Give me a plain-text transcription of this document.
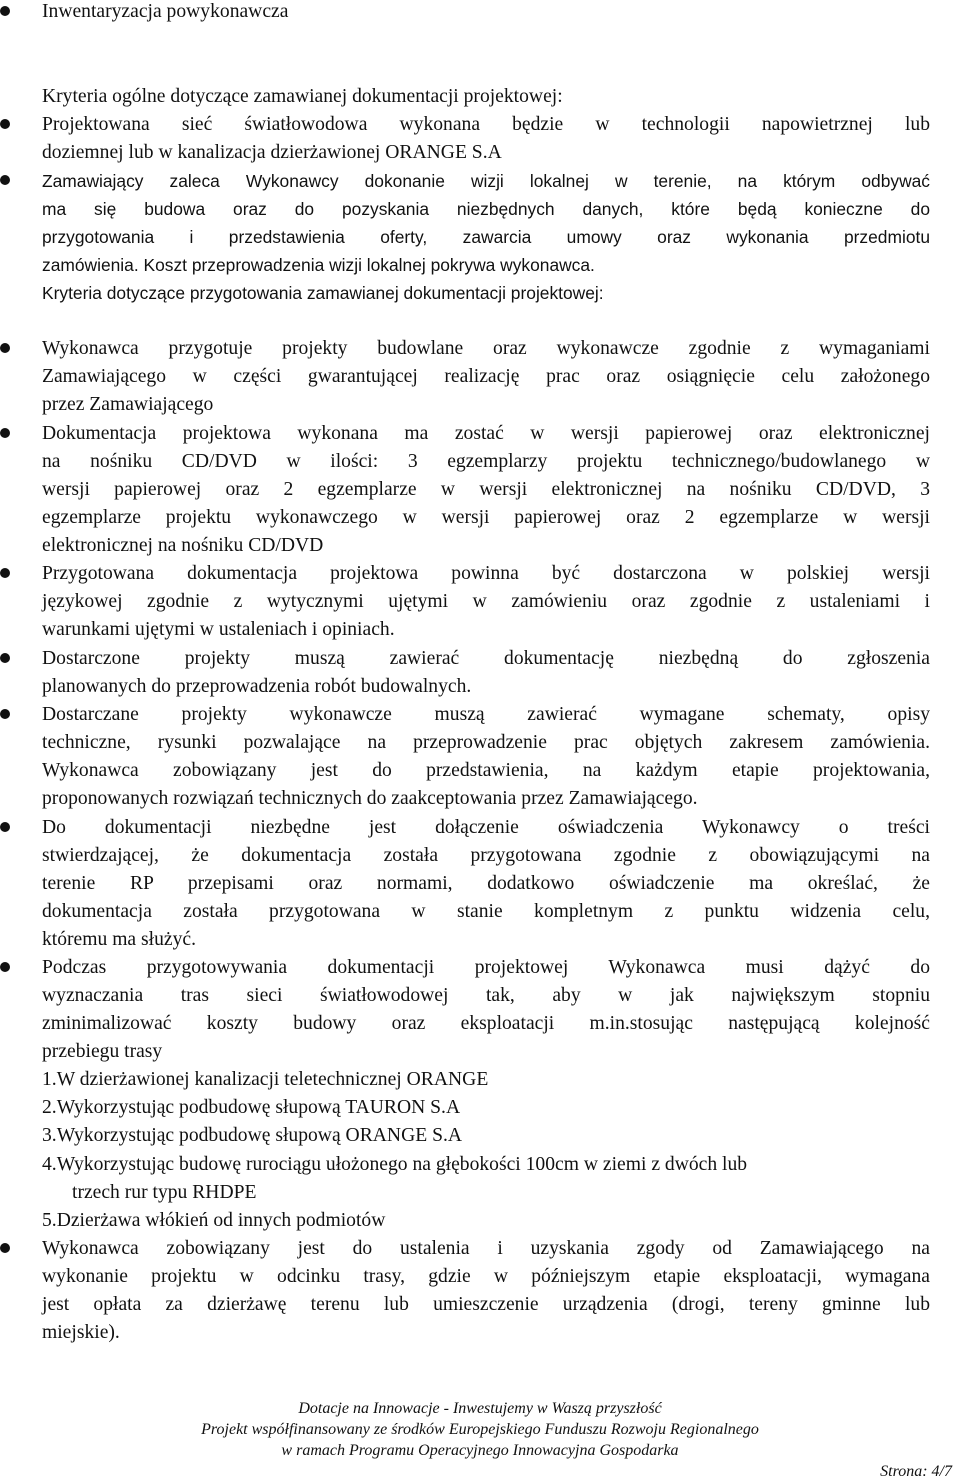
Inwentaryzacja powykonawcza
Kryteria ogólne dotyczące zamawianej dokumentacji projektowej:
Projektowana sieć światłowodowa wykonana będzie w technologii napowietrznej lub
doziemnej lub w kanalizacja dzierżawionej ORANGE S.A
Zamawiający zaleca Wykonawcy dokonanie wizji lokalnej w terenie, na którym odbywać
ma się budowa oraz do pozyskania niezbędnych danych, które będą konieczne do
przygotowania i przedstawienia oferty, zawarcia umowy oraz wykonania przedmiotu
zamówienia. Koszt przeprowadzenia wizji lokalnej pokrywa wykonawca.
Kryteria dotyczące przygotowania zamawianej dokumentacji projektowej:
Wykonawca przygotuje projekty budowlane oraz wykonawcze zgodnie z wymaganiami
Zamawiającego w części gwarantującej realizację prac oraz osiągnięcie celu założonego
przez Zamawiającego
Dokumentacja projektowa wykonana ma zostać w wersji papierowej oraz elektronicznej
na nośniku CD/DVD w ilości: 3 egzemplarzy projektu technicznego/budowlanego w
wersji papierowej oraz 2 egzemplarze w wersji elektronicznej na nośniku CD/DVD, 3
egzemplarze projektu wykonawczego w wersji papierowej oraz 2 egzemplarze w wersji
elektronicznej na nośniku CD/DVD
Przygotowana dokumentacja projektowa powinna być dostarczona w polskiej wersji
językowej zgodnie z wytycznymi ujętymi w zamówieniu oraz zgodnie z ustaleniami i
warunkami ujętymi w ustaleniach i opiniach.
Dostarczone projekty muszą zawierać dokumentację niezbędną do zgłoszenia
planowanych do przeprowadzenia robót budowalnych.
Dostarczane projekty wykonawcze muszą zawierać wymagane schematy, opisy
techniczne, rysunki pozwalające na przeprowadzenie prac objętych zakresem zamówienia.
Wykonawca zobowiązany jest do przedstawienia, na każdym etapie projektowania,
proponowanych rozwiązań technicznych do zaakceptowania przez Zamawiającego.
Do dokumentacji niezbędne jest dołączenie oświadczenia Wykonawcy o treści
stwierdzającej, że dokumentacja została przygotowana zgodnie z obowiązującymi na
terenie RP przepisami oraz normami, dodatkowo oświadczenie ma określać, że
dokumentacja została przygotowana w stanie kompletnym z punktu widzenia celu,
któremu ma służyć.
Podczas przygotowywania dokumentacji projektowej Wykonawca musi dążyć do
wyznaczania tras sieci światłowodowej tak, aby w jak największym stopniu
zminimalizować koszty budowy oraz eksploatacji m.in.stosując następującą kolejność
przebiegu trasy
1.W dzierżawionej kanalizacji teletechnicznej ORANGE
2.Wykorzystując podbudowę słupową TAURON S.A
3.Wykorzystując podbudowę słupową ORANGE S.A
4.Wykorzystując budowę rurociągu ułożonego na głębokości 100cm w ziemi z dwóch lub
trzech rur typu RHDPE
5.Dzierżawa włókień od innych podmiotów
Wykonawca zobowiązany jest do ustalenia i uzyskania zgody od Zamawiającego na
wykonanie projektu w odcinku trasy, gdzie w późniejszym etapie eksploatacji, wymagana
jest opłata za dzierżawę terenu lub umieszczenie urządzenia (drogi, tereny gminne lub
miejskie).
Dotacje na Innowacje - Inwestujemy w Waszą przyszłość
Projekt współfinansowany ze środków Europejskiego Funduszu Rozwoju Regionalnego
w ramach Programu Operacyjnego Innowacyjna Gospodarka
Strona: 4/7
